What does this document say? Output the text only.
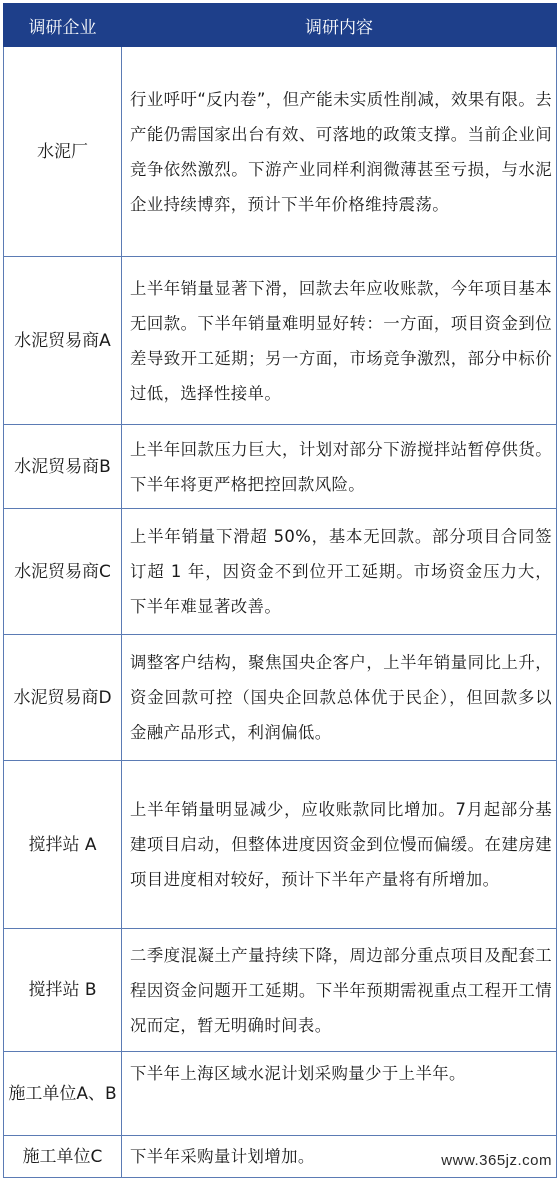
调研企业	调研内容

水泥厂	行业呼吁“反内卷”，但产能未实质性削减，效果有限。去产能仍需国家出台有效、可落地的政策支撑。当前企业间竞争依然激烈。下游产业同样利润微薄甚至亏损，与水泥企业持续博弈，预计下半年价格维持震荡。

水泥贸易商A	上半年销量显著下滑，回款去年应收账款，今年项目基本无回款。下半年销量难明显好转：一方面，项目资金到位差导致开工延期；另一方面，市场竞争激烈，部分中标价过低，选择性接单。

水泥贸易商B	上半年回款压力巨大，计划对部分下游搅拌站暂停供货。下半年将更严格把控回款风险。

水泥贸易商C	上半年销量下滑超 50%，基本无回款。部分项目合同签订超 1 年，因资金不到位开工延期。市场资金压力大，下半年难显著改善。

水泥贸易商D	调整客户结构，聚焦国央企客户，上半年销量同比上升，资金回款可控（国央企回款总体优于民企），但回款多以金融产品形式，利润偏低。

搅拌站 A	上半年销量明显减少，应收账款同比增加。7月起部分基建项目启动，但整体进度因资金到位慢而偏缓。在建房建项目进度相对较好，预计下半年产量将有所增加。

搅拌站 B	二季度混凝土产量持续下降，周边部分重点项目及配套工程因资金问题开工延期。下半年预期需视重点工程开工情况而定，暂无明确时间表。

施工单位A、B	下半年上海区域水泥计划采购量少于上半年。

施工单位C	下半年采购量计划增加。	www.365jz.com
